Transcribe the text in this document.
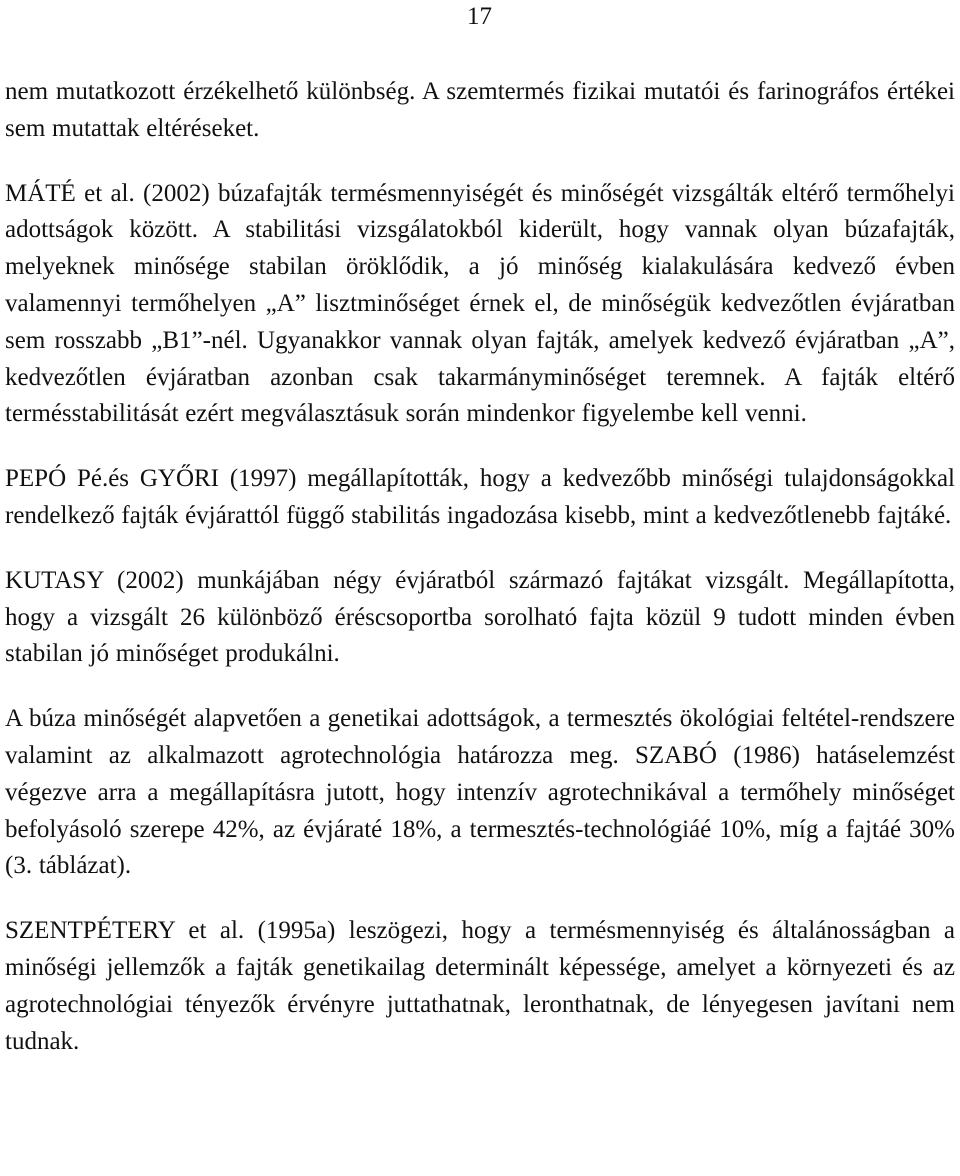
17

nem mutatkozott érzékelhető különbség. A szemtermés fizikai mutatói és farinográfos értékei sem mutattak eltéréseket.

MÁTÉ et al. (2002) búzafajták termésmennyiségét és minőségét vizsgálták eltérő termőhelyi adottságok között. A stabilitási vizsgálatokból kiderült, hogy vannak olyan búzafajták, melyeknek minősége stabilan öröklődik, a jó minőség kialakulására kedvező évben valamennyi termőhelyen „A” lisztminőséget érnek el, de minőségük kedvezőtlen évjáratban sem rosszabb „B1”-nél. Ugyanakkor vannak olyan fajták, amelyek kedvező évjáratban „A”, kedvezőtlen évjáratban azonban csak takarmányminőséget teremnek. A fajták eltérő termésstabilitását ezért megválasztásuk során mindenkor figyelembe kell venni.

PEPÓ Pé.és GYŐRI (1997) megállapították, hogy a kedvezőbb minőségi tulajdonságokkal rendelkező fajták évjárattól függő stabilitás ingadozása kisebb, mint a kedvezőtlenebb fajtáké.

KUTASY (2002) munkájában négy évjáratból származó fajtákat vizsgált. Megállapította, hogy a vizsgált 26 különböző éréscsoportba sorolható fajta közül 9 tudott minden évben stabilan jó minőséget produkálni.

A búza minőségét alapvetően a genetikai adottságok, a termesztés ökológiai feltétel-rendszere valamint az alkalmazott agrotechnológia határozza meg. SZABÓ (1986) hatáselemzést végezve arra a megállapításra jutott, hogy intenzív agrotechnikával a termőhely minőséget befolyásoló szerepe 42%, az évjáraté 18%, a termesztés-technológiáé 10%, míg a fajtáé 30% (3. táblázat).

SZENTPÉTERY et al. (1995a) leszögezi, hogy a termésmennyiség és általánosságban a minőségi jellemzők a fajták genetikailag determinált képessége, amelyet a környezeti és az agrotechnológiai tényezők érvényre juttathatnak, leronthatnak, de lényegesen javítani nem tudnak.
